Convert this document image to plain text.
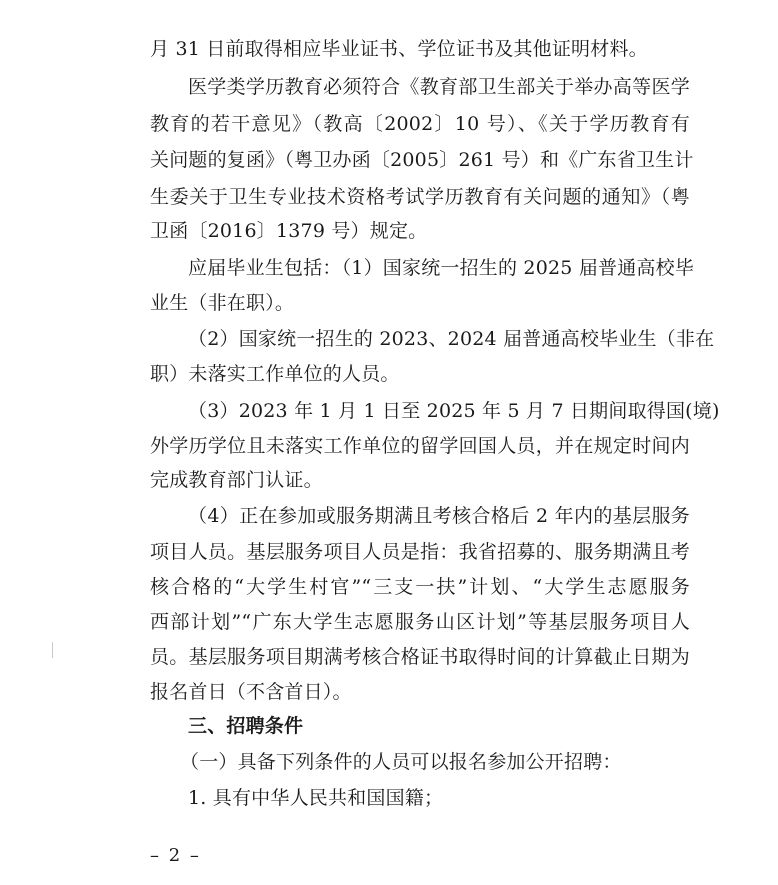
月 31 日前取得相应毕业证书、学位证书及其他证明材料。
医学类学历教育必须符合《教育部卫生部关于举办高等医学
教育的若干意见》（教高〔2002〕10 号）、《关于学历教育有
关问题的复函》（粤卫办函〔2005〕261 号）和《广东省卫生计
生委关于卫生专业技术资格考试学历教育有关问题的通知》（粤
卫函〔2016〕1379 号）规定。
应届毕业生包括：（1）国家统一招生的 2025 届普通高校毕
业生（非在职）。
（2）国家统一招生的 2023、2024 届普通高校毕业生（非在
职）未落实工作单位的人员。
（3）2023 年 1 月 1 日至 2025 年 5 月 7 日期间取得国(境)
外学历学位且未落实工作单位的留学回国人员，并在规定时间内
完成教育部门认证。
（4）正在参加或服务期满且考核合格后 2 年内的基层服务
项目人员。基层服务项目人员是指：我省招募的、服务期满且考
核合格的“大学生村官”“三支一扶”计划、“大学生志愿服务
西部计划”“广东大学生志愿服务山区计划”等基层服务项目人
员。基层服务项目期满考核合格证书取得时间的计算截止日期为
报名首日（不含首日）。
三、招聘条件
（一）具备下列条件的人员可以报名参加公开招聘：
1. 具有中华人民共和国国籍；
– 2 –
